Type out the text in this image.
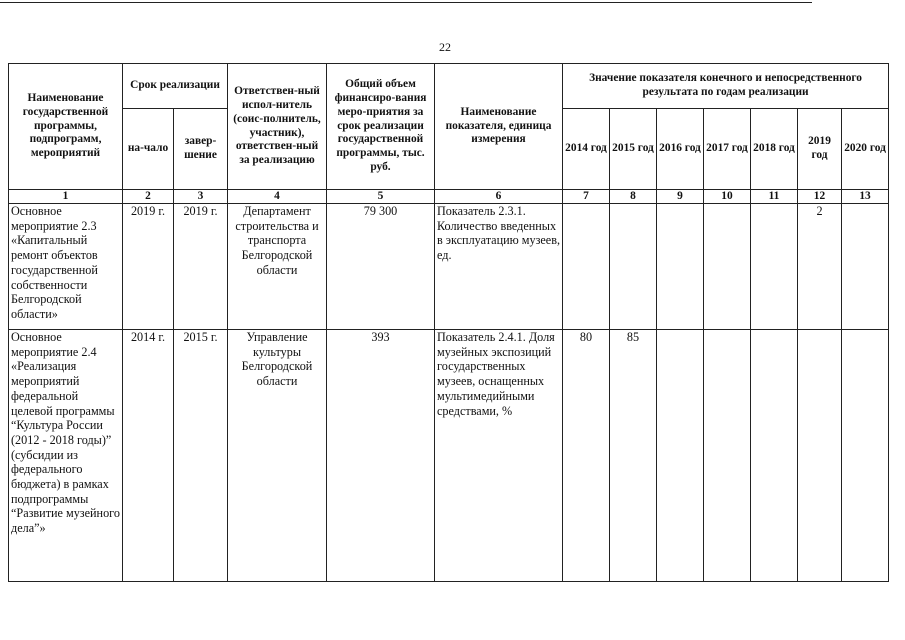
22
Наименование государственной программы, подпрограмм, мероприятий	Срок реализации		Ответствен-ный испол-нитель (соис-полнитель, участник), ответствен-ный за реализацию	Общий объем финансиро-вания меро-приятия за срок реализации государственной программы, тыс. руб.	Наименование показателя, единица измерения	Значение показателя конечного и непосредственного результата по годам реализации						
	на-чало	завер-шение				2014 год	2015 год	2016 год	2017 год	2018 год	2019 год	2020 год
1	2	3	4	5	6	7	8	9	10	11	12	13
Основное мероприятие 2.3 «Капитальный ремонт объектов государственной собственности Белгородской области»	2019 г.	2019 г.	Департамент строительства и транспорта Белгородской области	79 300	Показатель 2.3.1. Количество введенных в эксплуатацию музеев, ед.						2	
Основное мероприятие 2.4 «Реализация мероприятий федеральной целевой программы “Культура России (2012 - 2018 годы)” (субсидии из федерального бюджета) в рамках подпрограммы “Развитие музейного дела”»	2014 г.	2015 г.	Управление культуры Белгородской области	393	Показатель 2.4.1. Доля музейных экспозиций государственных музеев, оснащенных мультимедийными средствами, %	80	85					
